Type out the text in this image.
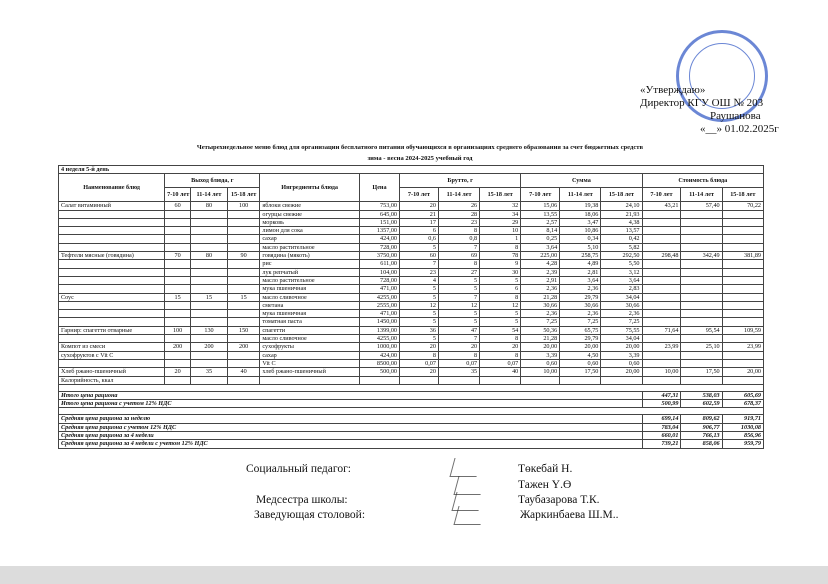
«Утверждаю»
Директор КГУ ОШ № 203
Раушанова
«__» 01.02.2025г
Четырехнедельное меню блюд для организации бесплатного питания обучающихся в организациях среднего образования за счет бюджетных средств
зима - весна 2024-2025 учебный год
4 неделя 5-й день														
Наименование блюд	Выход блюда, г			Ингредиенты блюда	Цена	Брутто, г			Сумма			Стоимость блюда		
	7-10 лет	11-14 лет	15-18 лет			7-10 лет	11-14 лет	15-18 лет	7-10 лет	11-14 лет	15-18 лет	7-10 лет	11-14 лет	15-18 лет
Салат витаминный	60	80	100	яблоки свежие	753,00	20	26	32	15,06	19,38	24,10	43,21	57,40	70,22
				огурцы свежие	645,00	21	28	34	13,55	18,06	21,93			
				морковь	151,00	17	23	29	2,57	3,47	4,38			
				лимон для сока	1357,00	6	8	10	8,14	10,86	13,57			
				сахар	424,00	0,6	0,8	1	0,25	0,34	0,42			
				масло растительное	728,00	5	7	8	3,64	5,10	5,82			
Тефтели мясные (говядина)	70	80	90	говядина (мякоть)	3750,00	60	69	78	225,00	258,75	292,50	298,48	342,49	381,89
				рис	611,00	7	8	9	4,28	4,89	5,50			
				лук репчатый	104,00	23	27	30	2,39	2,81	3,12			
				масло растительное	728,00	4	5	5	2,91	3,64	3,64			
				мука пшеничная	471,00	5	5	6	2,36	2,36	2,83			
Соус	15	15	15	масло сливочное	4255,00	5	7	8	21,28	29,79	34,04			
				сметана	2555,00	12	12	12	30,66	30,66	30,66			
				мука пшеничная	471,00	5	5	5	2,36	2,36	2,36			
				томатная паста	1450,00	5	5	5	7,25	7,25	7,25			
Гарнир: спагетти отварные	100	130	150	спагетти	1399,00	36	47	54	50,36	65,75	75,55	71,64	95,54	109,59
				масло сливочное	4255,00	5	7	8	21,28	29,79	34,04			
Компот из смеси	200	200	200	сухофрукты	1000,00	20	20	20	20,00	20,00	20,00	23,99	25,10	23,99
сухофруктов с Vit C				сахар	424,00	8	8	8	3,39	4,50	3,39			
				Vit C	8500,00	0,07	0,07	0,07	0,60	0,60	0,60			
Хлеб ржано-пшеничный	20	35	40	хлеб ржано-пшеничный	500,00	20	35	40	10,00	17,50	20,00	10,00	17,50	20,00
Калорийность, ккал														

Итого цена рациона												447,31	538,03	605,69
Итого цена рациона с учетом 12% НДС												500,99	602,59	678,37

Средняя цена рациона за неделю												699,14	809,62	919,71
Средняя цена рациона с учетом 12% НДС												783,04	906,77	1030,08
Средняя цена рациона за 4 недели												660,01	766,13	856,96
Средняя цена рациона за 4 недели с учетом 12% НДС												739,21	858,06	959,79
Социальный педагог:	Төкебай Н.
Тажен Ү.Ө
Медсестра школы:	Таубазарова Т.К.
Заведующая столовой:	Жаркинбаева Ш.М..
